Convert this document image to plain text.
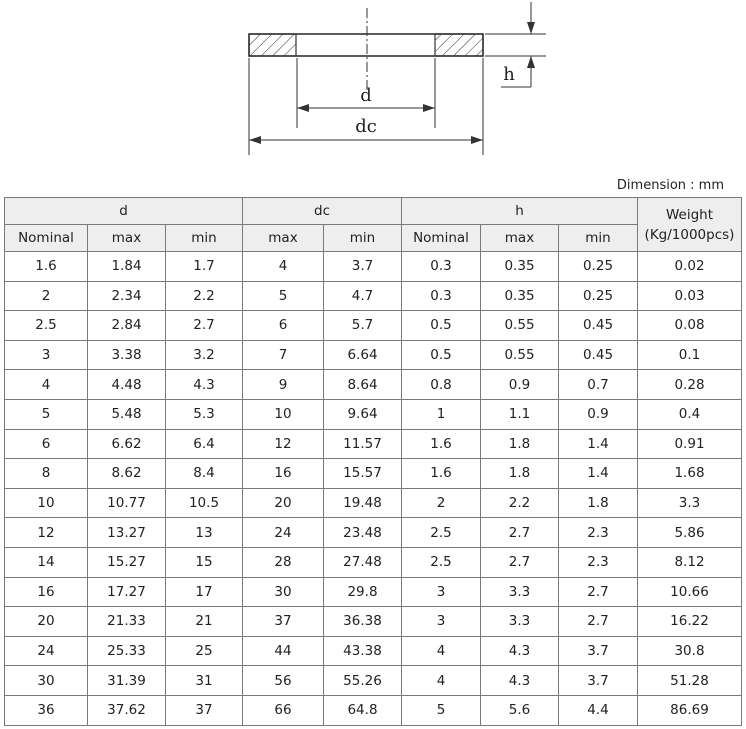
d
dc
h
Dimension : mm
d			dc		h			Weight
(Kg/1000pcs)
Nominal	max	min	max	min	Nominal	max	min	
1.6	1.84	1.7	4	3.7	0.3	0.35	0.25	0.02
2	2.34	2.2	5	4.7	0.3	0.35	0.25	0.03
2.5	2.84	2.7	6	5.7	0.5	0.55	0.45	0.08
3	3.38	3.2	7	6.64	0.5	0.55	0.45	0.1
4	4.48	4.3	9	8.64	0.8	0.9	0.7	0.28
5	5.48	5.3	10	9.64	1	1.1	0.9	0.4
6	6.62	6.4	12	11.57	1.6	1.8	1.4	0.91
8	8.62	8.4	16	15.57	1.6	1.8	1.4	1.68
10	10.77	10.5	20	19.48	2	2.2	1.8	3.3
12	13.27	13	24	23.48	2.5	2.7	2.3	5.86
14	15.27	15	28	27.48	2.5	2.7	2.3	8.12
16	17.27	17	30	29.8	3	3.3	2.7	10.66
20	21.33	21	37	36.38	3	3.3	2.7	16.22
24	25.33	25	44	43.38	4	4.3	3.7	30.8
30	31.39	31	56	55.26	4	4.3	3.7	51.28
36	37.62	37	66	64.8	5	5.6	4.4	86.69
